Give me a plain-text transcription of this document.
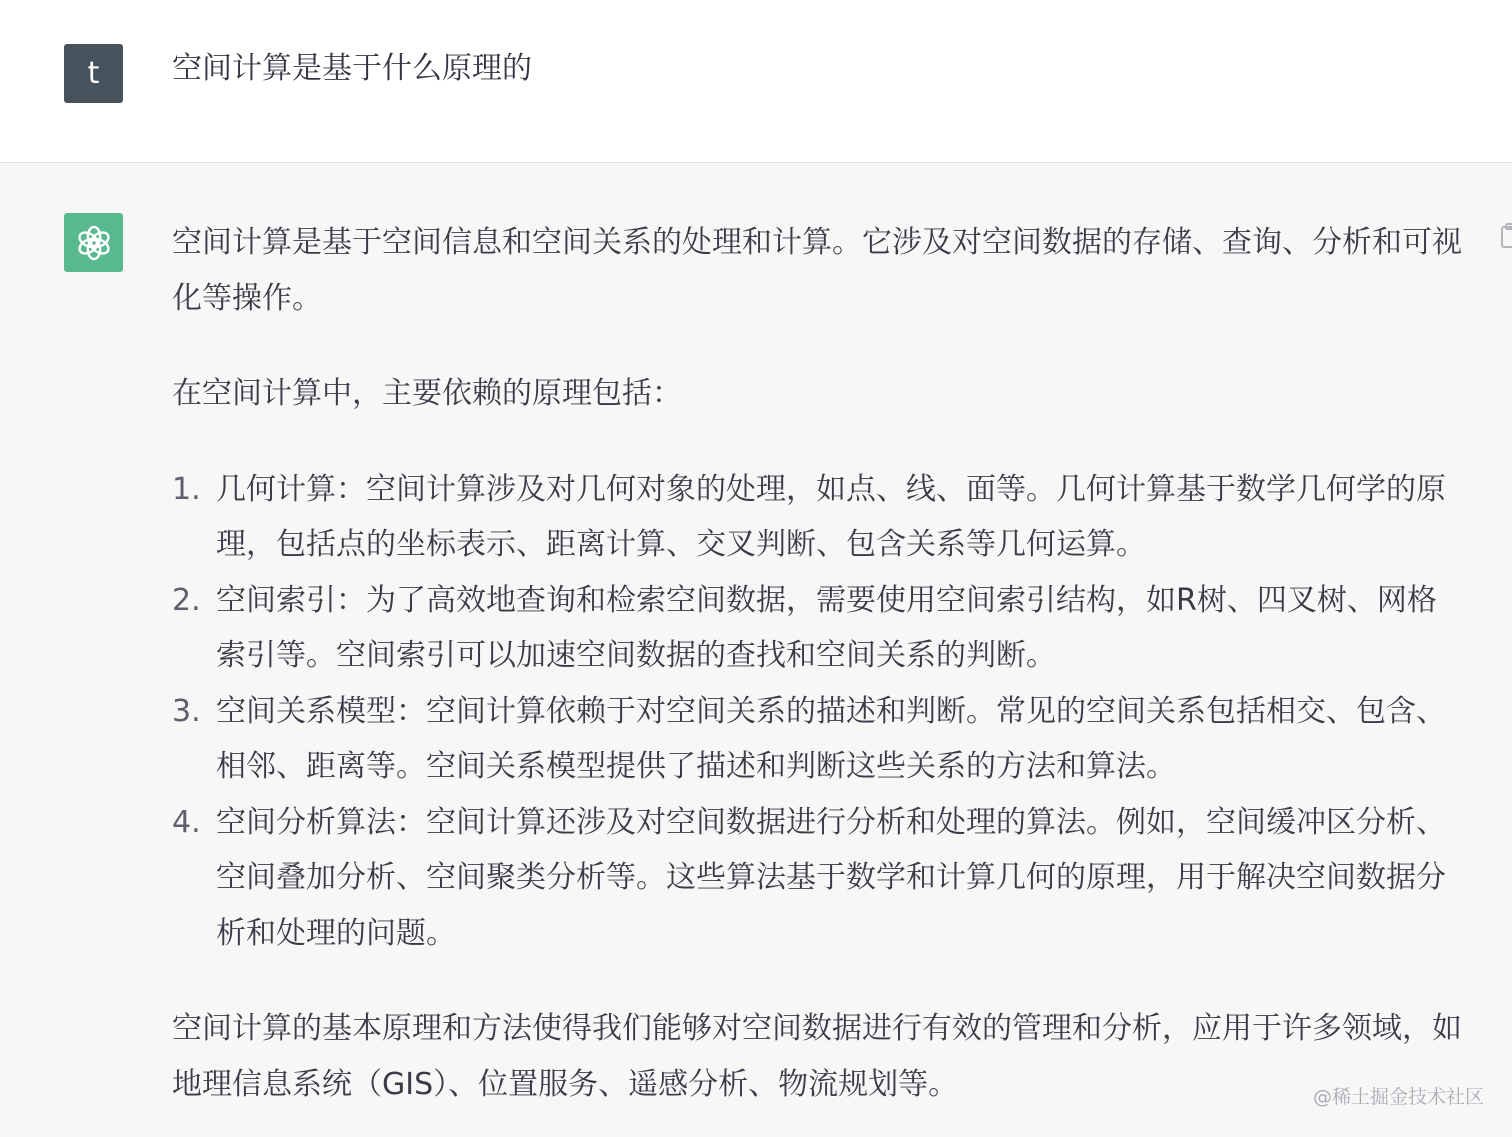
t	空间计算是基于什么原理的

空间计算是基于空间信息和空间关系的处理和计算。它涉及对空间数据的存储、查询、分析和可视化等操作。

在空间计算中，主要依赖的原理包括：

1. 几何计算：空间计算涉及对几何对象的处理，如点、线、面等。几何计算基于数学几何学的原理，包括点的坐标表示、距离计算、交叉判断、包含关系等几何运算。
2. 空间索引：为了高效地查询和检索空间数据，需要使用空间索引结构，如R树、四叉树、网格索引等。空间索引可以加速空间数据的查找和空间关系的判断。
3. 空间关系模型：空间计算依赖于对空间关系的描述和判断。常见的空间关系包括相交、包含、相邻、距离等。空间关系模型提供了描述和判断这些关系的方法和算法。
4. 空间分析算法：空间计算还涉及对空间数据进行分析和处理的算法。例如，空间缓冲区分析、空间叠加分析、空间聚类分析等。这些算法基于数学和计算几何的原理，用于解决空间数据分析和处理的问题。

空间计算的基本原理和方法使得我们能够对空间数据进行有效的管理和分析，应用于许多领域，如地理信息系统（GIS）、位置服务、遥感分析、物流规划等。	@稀土掘金技术社区
